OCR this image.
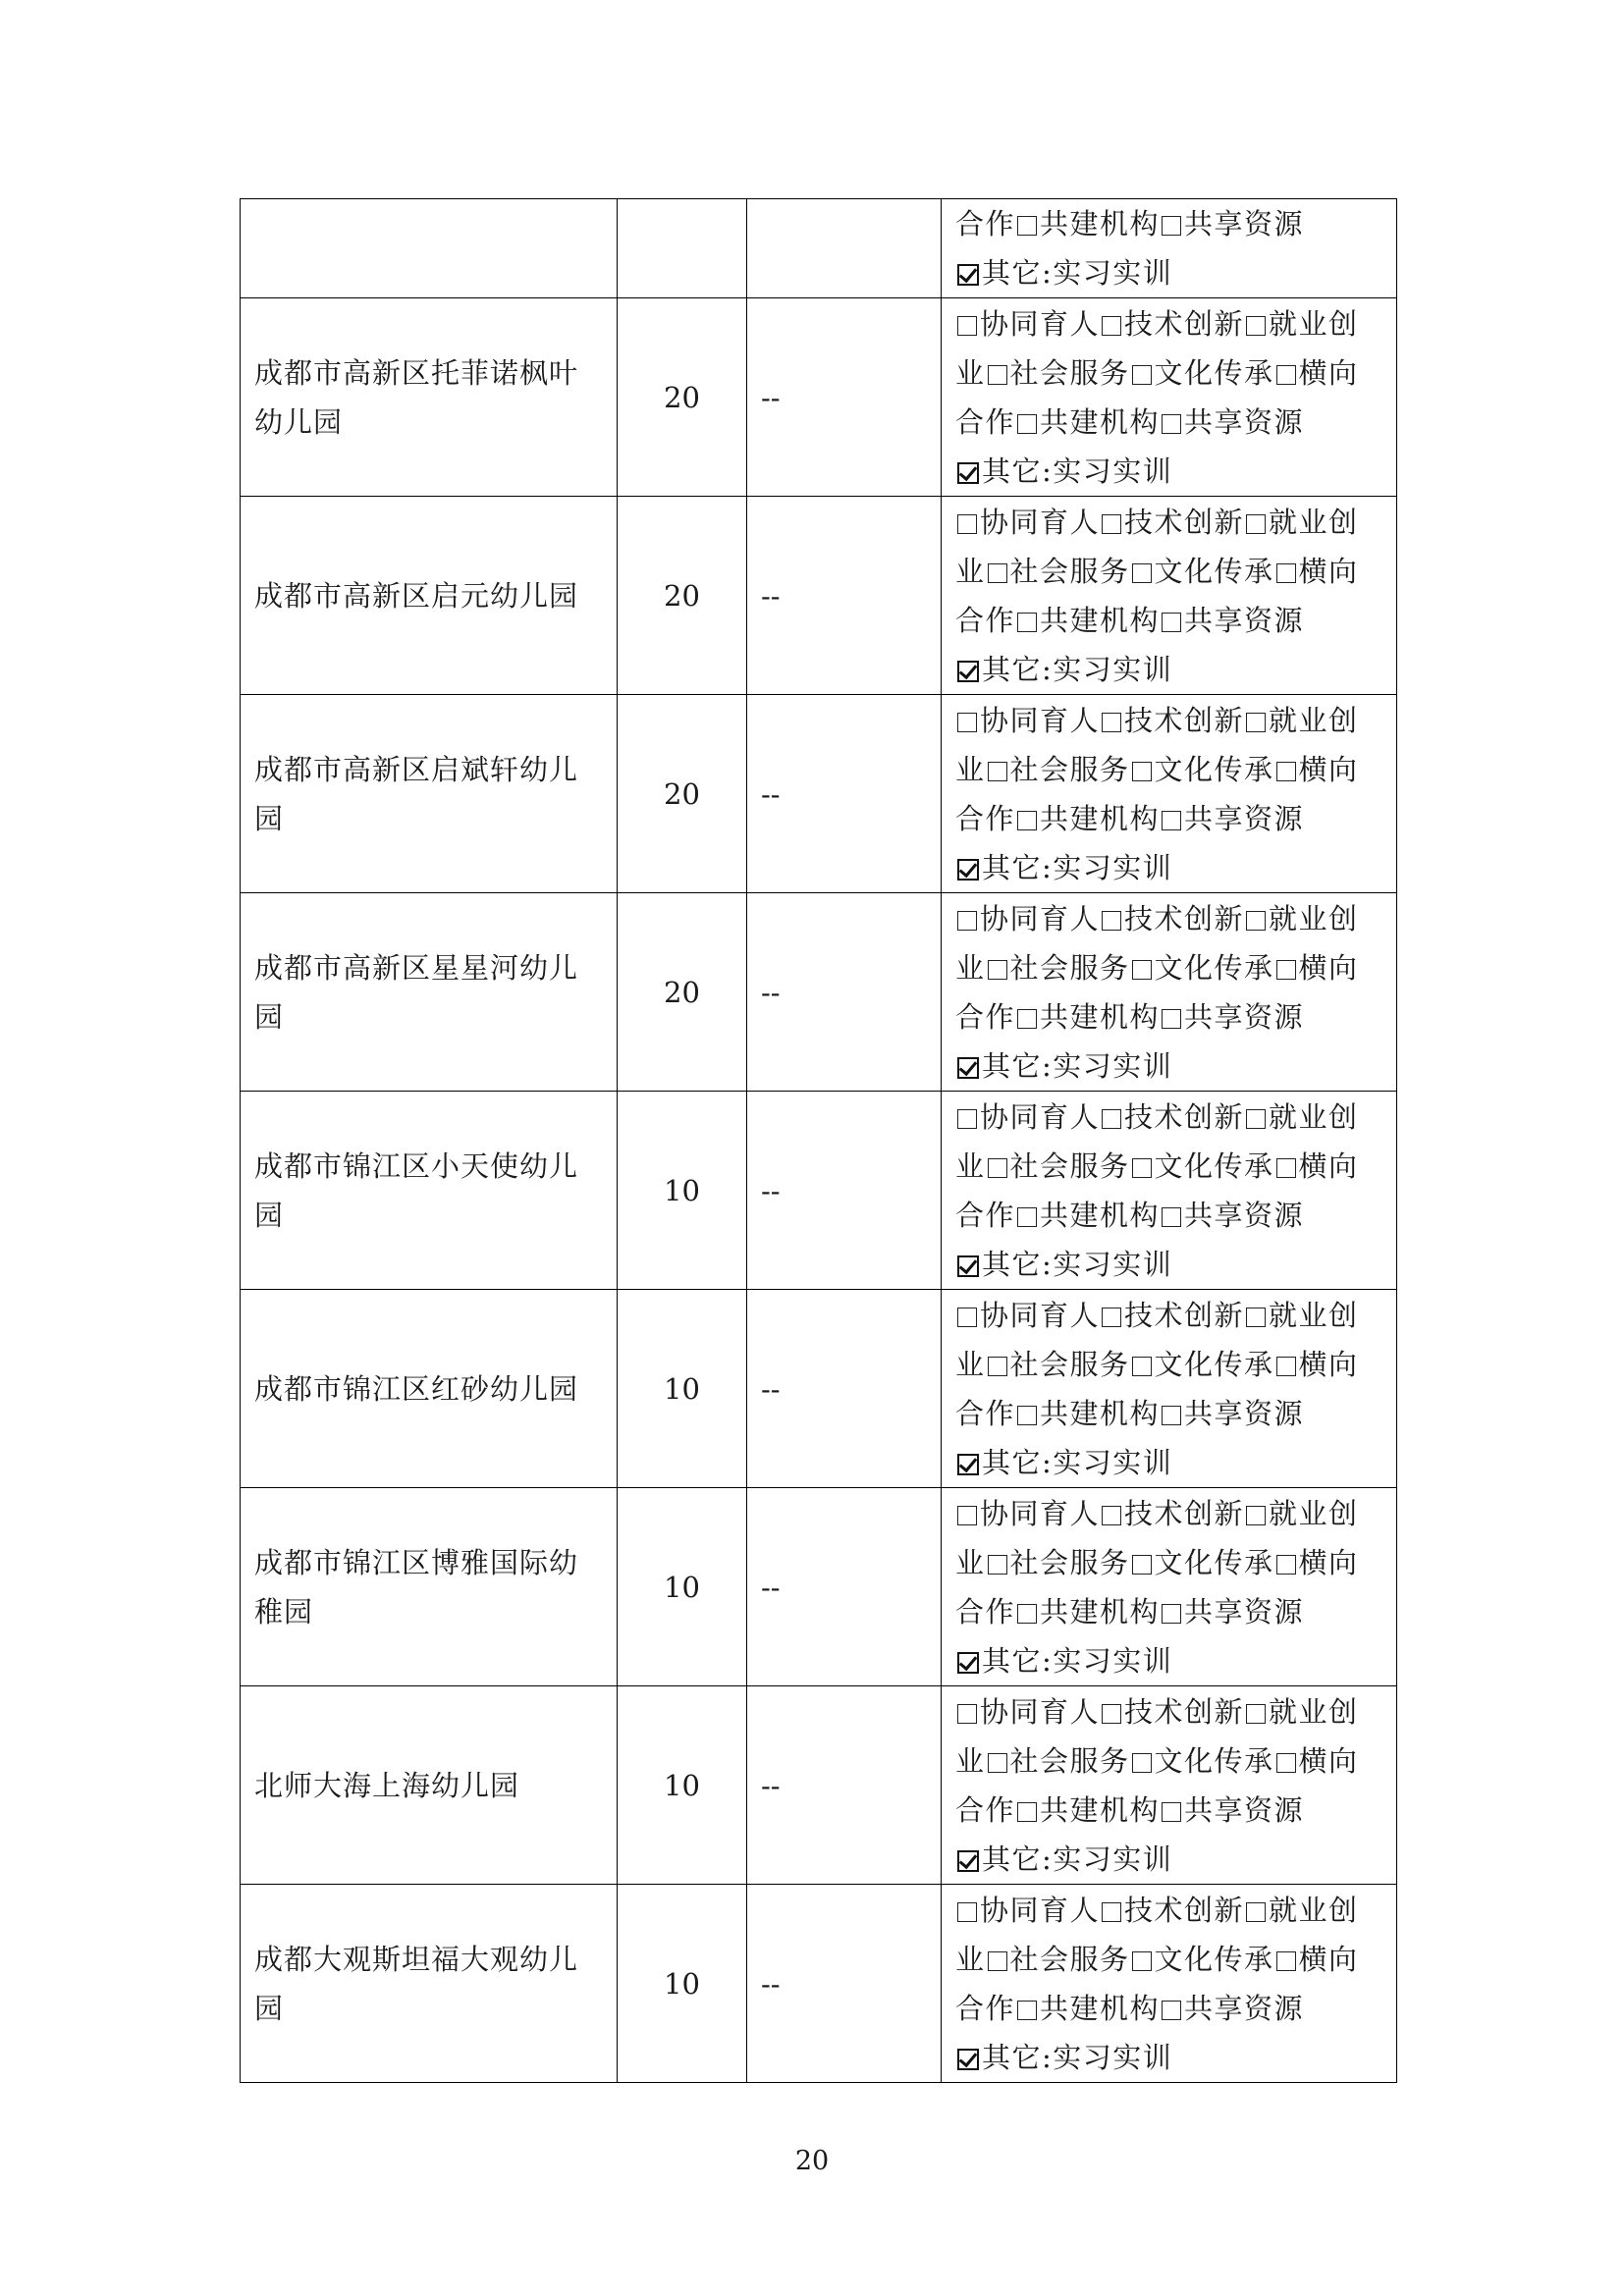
			合作 共建机构 共享资源
其它:实习实训

成都市高新区托菲诺枫叶幼儿园	20	--	协同育人 技术创新 就业创
业 社会服务 文化传承 横向
合作 共建机构 共享资源
其它:实习实训

成都市高新区启元幼儿园	20	--	协同育人 技术创新 就业创
业 社会服务 文化传承 横向
合作 共建机构 共享资源
其它:实习实训

成都市高新区启斌轩幼儿园	20	--	协同育人 技术创新 就业创
业 社会服务 文化传承 横向
合作 共建机构 共享资源
其它:实习实训

成都市高新区星星河幼儿园	20	--	协同育人 技术创新 就业创
业 社会服务 文化传承 横向
合作 共建机构 共享资源
其它:实习实训

成都市锦江区小天使幼儿园	10	--	协同育人 技术创新 就业创
业 社会服务 文化传承 横向
合作 共建机构 共享资源
其它:实习实训

成都市锦江区红砂幼儿园	10	--	协同育人 技术创新 就业创
业 社会服务 文化传承 横向
合作 共建机构 共享资源
其它:实习实训

成都市锦江区博雅国际幼稚园	10	--	协同育人 技术创新 就业创
业 社会服务 文化传承 横向
合作 共建机构 共享资源
其它:实习实训

北师大海上海幼儿园	10	--	协同育人 技术创新 就业创
业 社会服务 文化传承 横向
合作 共建机构 共享资源
其它:实习实训

成都大观斯坦福大观幼儿园	10	--	协同育人 技术创新 就业创
业 社会服务 文化传承 横向
合作 共建机构 共享资源
其它:实习实训
20
